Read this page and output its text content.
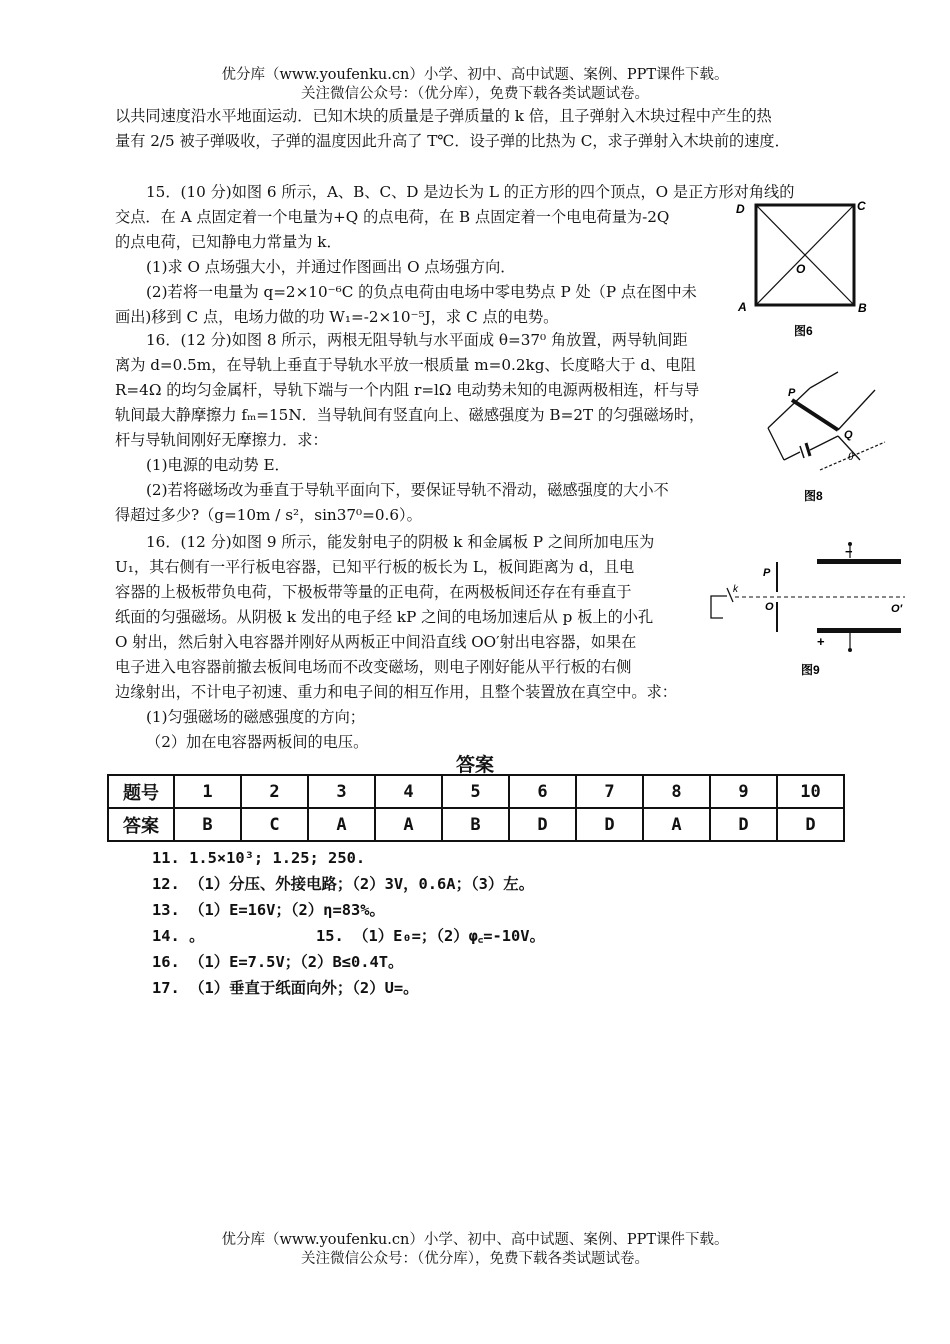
优分库（www.youfenku.cn）小学、初中、高中试题、案例、PPT课件下载。
关注微信公众号：（优分库），免费下载各类试题试卷。
以共同速度沿水平地面运动．已知木块的质量是子弹质量的 k 倍，且子弹射入木块过程中产生的热
量有 2/5 被子弹吸收，子弹的温度因此升高了 T℃．设子弹的比热为 C，求子弹射入木块前的速度．
15．(10 分)如图 6 所示，A、B、C、D 是边长为 L 的正方形的四个顶点，O 是正方形对角线的
交点．在 A 点固定着一个电量为+Q 的点电荷，在 B 点固定着一个电电荷量为-2Q
的点电荷，已知静电力常量为 k．
(1)求 O 点场强大小，并通过作图画出 O 点场强方向．
(2)若将一电量为 q=2×10⁻⁶C 的负点电荷由电场中零电势点 P 处（P 点在图中未
画出)移到 C 点，电场力做的功 W₁=-2×10⁻⁵J，求 C 点的电势。
16．(12 分)如图 8 所示，两根无阻导轨与水平面成 θ=37⁰ 角放置，两导轨间距
离为 d=0.5m，在导轨上垂直于导轨水平放一根质量 m=0.2kg、长度略大于 d、电阻
R=4Ω 的均匀金属杆，导轨下端与一个内阻 r=lΩ 电动势未知的电源两极相连，杆与导
轨间最大静摩擦力 fₘ=15N．当导轨间有竖直向上、磁感强度为 B=2T 的匀强磁场时，
杆与导轨间刚好无摩擦力．求：
(1)电源的电动势 E．
(2)若将磁场改为垂直于导轨平面向下，要保证导轨不滑动，磁感强度的大小不
得超过多少?（g=10m / s²，sin37⁰=0.6）。
16．(12 分)如图 9 所示，能发射电子的阴极 k 和金属板 P 之间所加电压为
U₁，其右侧有一平行板电容器，已知平行板的板长为 L，板间距离为 d，且电
容器的上极板带负电荷，下极板带等量的正电荷，在两极板间还存在有垂直于
纸面的匀强磁场。从阴极 k 发出的电子经 kP 之间的电场加速后从 p 板上的小孔
O 射出，然后射入电容器并刚好从两板正中间沿直线 OO′射出电容器，如果在
电子进入电容器前撤去板间电场而不改变磁场，则电子刚好能从平行板的右侧
边缘射出，不计电子初速、重力和电子间的相互作用，且整个装置放在真空中。求：
(1)匀强磁场的磁感强度的方向；
（2）加在电容器两板间的电压。
D	C
O
A	B
图6
P
Q
θ
图8
−
+
P
O	O′
k
图9
答案
题号	1	2	3	4	5	6	7	8	9	10
答案	B	C	A	A	B	D	D	A	D	D
11. 1.5×10³; 1.25; 250.
12. （1）分压、外接电路；（2）3V，0.6A；（3）左。
13. （1）E=16V；（2）η=83%。
14. 。	15. （1）E₀=；（2）φ꜀=-10V。
16. （1）E=7.5V；（2）B≤0.4T。
17. （1）垂直于纸面向外；（2）U=。
优分库（www.youfenku.cn）小学、初中、高中试题、案例、PPT课件下载。
关注微信公众号：（优分库），免费下载各类试题试卷。
